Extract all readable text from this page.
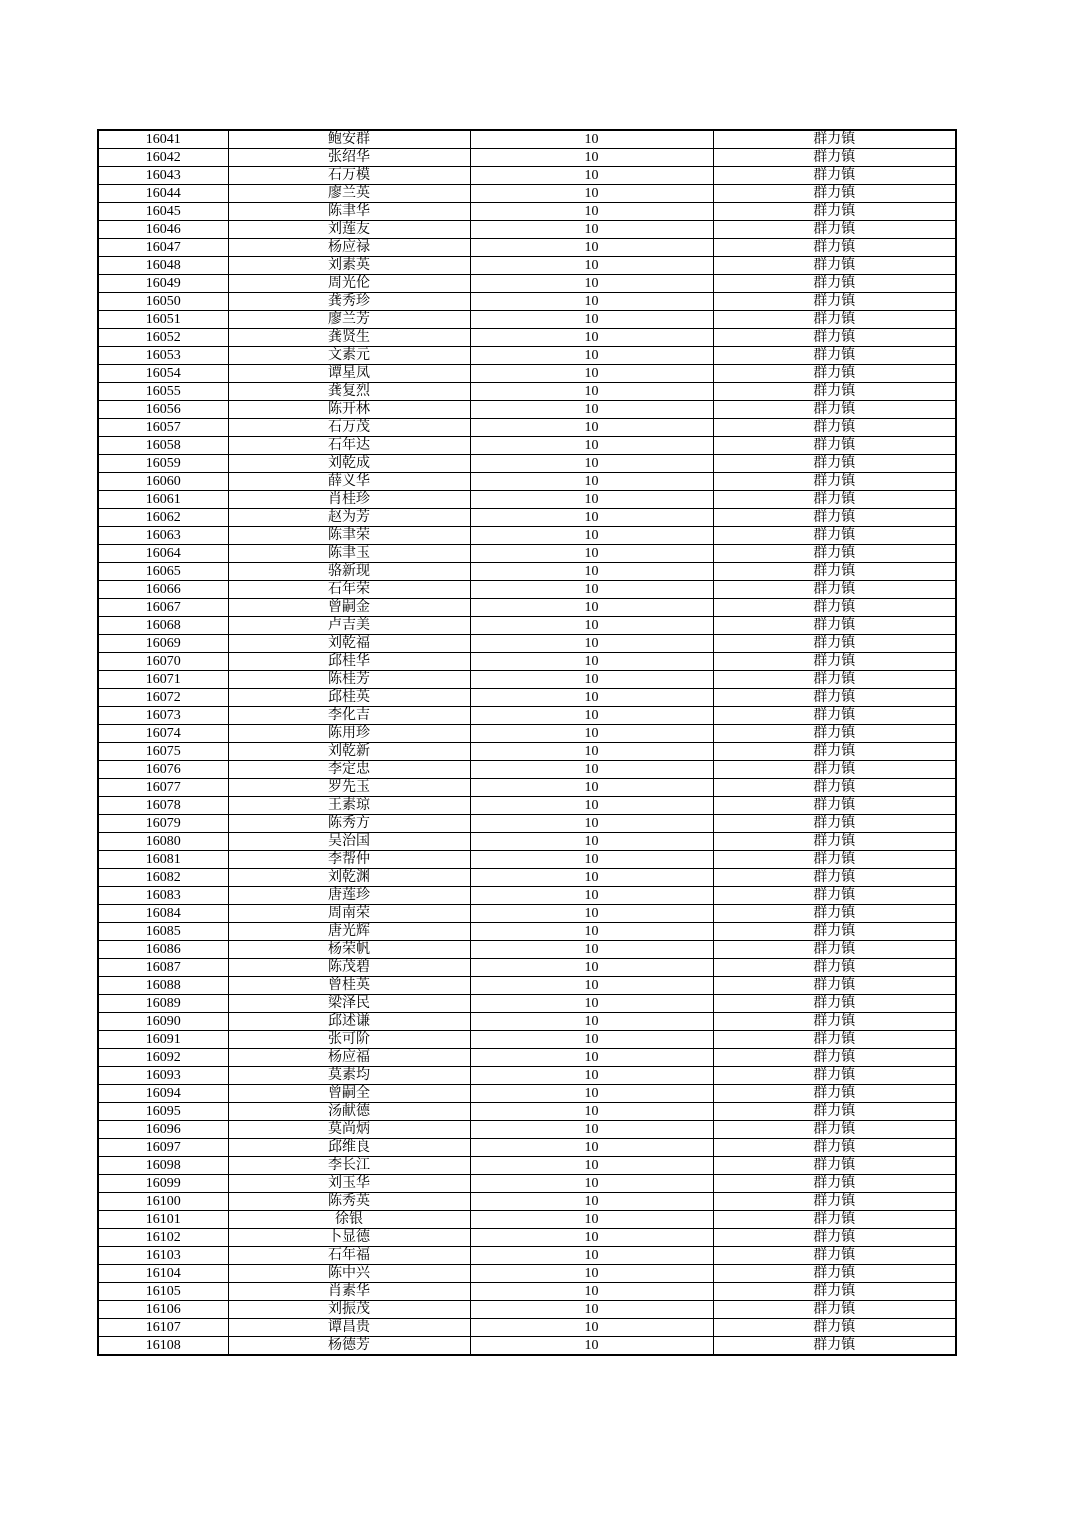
16041	鲍安群	10	群力镇
16042	张绍华	10	群力镇
16043	石万模	10	群力镇
16044	廖兰英	10	群力镇
16045	陈聿华	10	群力镇
16046	刘莲友	10	群力镇
16047	杨应禄	10	群力镇
16048	刘素英	10	群力镇
16049	周光伦	10	群力镇
16050	龚秀珍	10	群力镇
16051	廖兰芳	10	群力镇
16052	龚贤生	10	群力镇
16053	文素元	10	群力镇
16054	谭星凤	10	群力镇
16055	龚复烈	10	群力镇
16056	陈开林	10	群力镇
16057	石万茂	10	群力镇
16058	石年达	10	群力镇
16059	刘乾成	10	群力镇
16060	薛义华	10	群力镇
16061	肖桂珍	10	群力镇
16062	赵为芳	10	群力镇
16063	陈聿荣	10	群力镇
16064	陈聿玉	10	群力镇
16065	骆新现	10	群力镇
16066	石年荣	10	群力镇
16067	曾嗣金	10	群力镇
16068	卢吉美	10	群力镇
16069	刘乾福	10	群力镇
16070	邱桂华	10	群力镇
16071	陈桂芳	10	群力镇
16072	邱桂英	10	群力镇
16073	李化吉	10	群力镇
16074	陈用珍	10	群力镇
16075	刘乾新	10	群力镇
16076	李定忠	10	群力镇
16077	罗先玉	10	群力镇
16078	王素琼	10	群力镇
16079	陈秀方	10	群力镇
16080	吴治国	10	群力镇
16081	李帮仲	10	群力镇
16082	刘乾渊	10	群力镇
16083	唐莲珍	10	群力镇
16084	周南荣	10	群力镇
16085	唐光辉	10	群力镇
16086	杨荣帆	10	群力镇
16087	陈茂碧	10	群力镇
16088	曾桂英	10	群力镇
16089	梁泽民	10	群力镇
16090	邱述谦	10	群力镇
16091	张可阶	10	群力镇
16092	杨应福	10	群力镇
16093	莫素均	10	群力镇
16094	曾嗣全	10	群力镇
16095	汤献德	10	群力镇
16096	莫尚炳	10	群力镇
16097	邱维良	10	群力镇
16098	李长江	10	群力镇
16099	刘玉华	10	群力镇
16100	陈秀英	10	群力镇
16101	徐银	10	群力镇
16102	卜显德	10	群力镇
16103	石年福	10	群力镇
16104	陈中兴	10	群力镇
16105	肖素华	10	群力镇
16106	刘振茂	10	群力镇
16107	谭昌贵	10	群力镇
16108	杨德芳	10	群力镇
